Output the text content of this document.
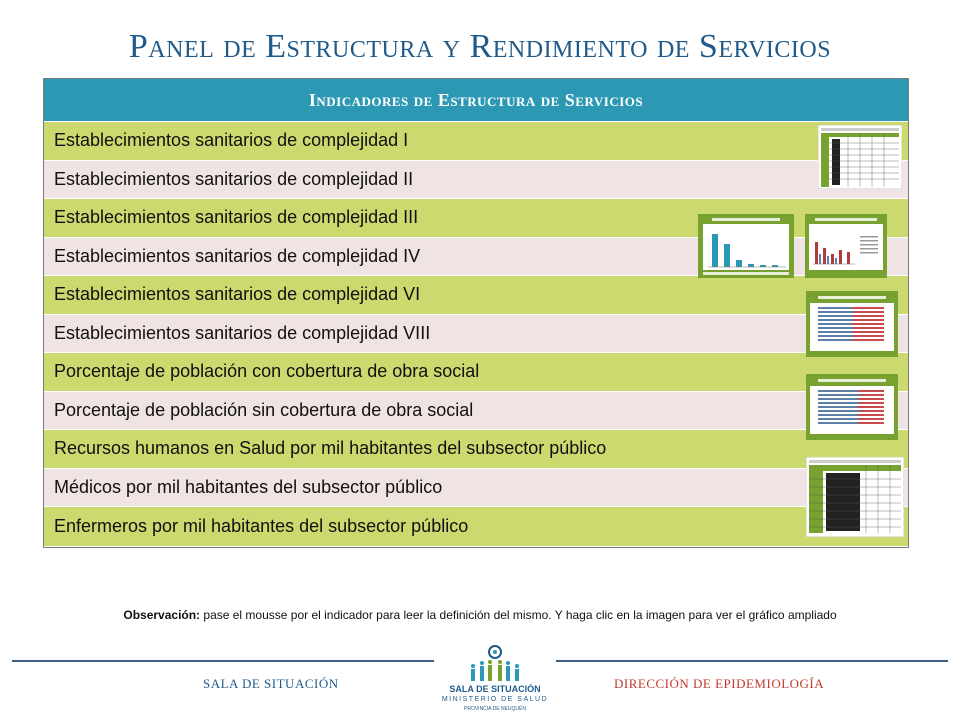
Panel de Estructura y Rendimiento de Servicios
Indicadores de Estructura de Servicios
Establecimientos sanitarios de complejidad I
Establecimientos sanitarios de complejidad II
Establecimientos sanitarios de complejidad III
Establecimientos sanitarios de complejidad IV
Establecimientos sanitarios de complejidad VI
Establecimientos sanitarios de complejidad VIII
Porcentaje de población con cobertura de obra social
Porcentaje de población sin cobertura de obra social
Recursos humanos en Salud por mil habitantes del subsector público
Médicos por mil habitantes del subsector público
Enfermeros por mil habitantes del subsector público
Observación: pase el mousse por el indicador para leer la definición del mismo. Y haga clic en la imagen para ver el gráfico ampliado
SALA DE SITUACIÓN	DIRECCIÓN DE EPIDEMIOLOGÍA
SALA DE SITUACIÓN
MINISTERIO DE SALUD
PROVINCIA DE NEUQUÉN
